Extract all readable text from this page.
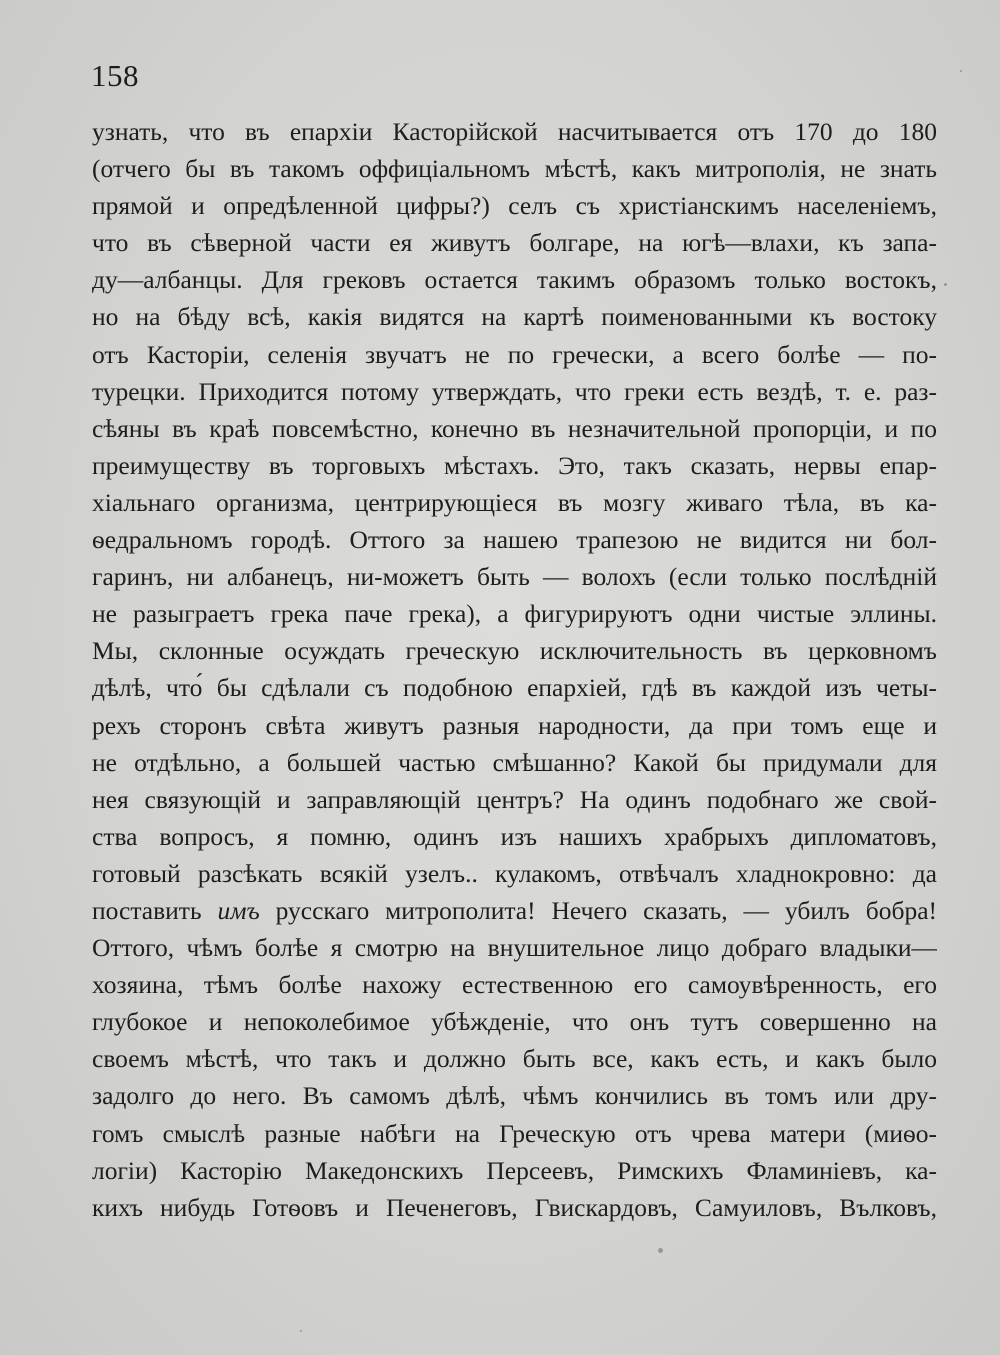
158
узнать, что въ епархіи Касторійской насчитывается отъ 170 до 180
(отчего бы въ такомъ оффиціальномъ мѣстѣ, какъ митрополія, не знать
прямой и опредѣленной цифры?) селъ съ христіанскимъ населеніемъ,
что въ сѣверной части ея живутъ болгаре, на югѣ—влахи, къ запа-
ду—албанцы. Для грековъ остается такимъ образомъ только востокъ,
но на бѣду всѣ, какія видятся на картѣ поименованными къ востоку
отъ Касторіи, селенія звучатъ не по гречески, а всего болѣе — по-
турецки. Приходится потому утверждать, что греки есть вездѣ, т. е. раз-
сѣяны въ краѣ повсемѣстно, конечно въ незначительной пропорціи, и по
преимуществу въ торговыхъ мѣстахъ. Это, такъ сказать, нервы епар-
хіальнаго организма, центрирующіеся въ мозгу живаго тѣла, въ ка-
ѳедральномъ городѣ. Оттого за нашею трапезою не видится ни бол-
гаринъ, ни албанецъ, ни-можетъ быть — волохъ (если только послѣдній
не разыграетъ грека паче грека), а фигурируютъ одни чистые эллины.
Мы, склонные осуждать греческую исключительность въ церковномъ
дѣлѣ, что́ бы сдѣлали съ подобною епархіей, гдѣ въ каждой изъ четы-
рехъ сторонъ свѣта живутъ разныя народности, да при томъ еще и
не отдѣльно, а большей частью смѣшанно? Какой бы придумали для
нея связующій и заправляющій центръ? На одинъ подобнаго же свой-
ства вопросъ, я помню, одинъ изъ нашихъ храбрыхъ дипломатовъ,
готовый разсѣкать всякій узелъ.. кулакомъ, отвѣчалъ хладнокровно: да
поставить имъ русскаго митрополита! Нечего сказать, — убилъ бобра!
Оттого, чѣмъ болѣе я смотрю на внушительное лицо добраго владыки—
хозяина, тѣмъ болѣе нахожу естественною его самоувѣренность, его
глубокое и непоколебимое убѣжденіе, что онъ тутъ совершенно на
своемъ мѣстѣ, что такъ и должно быть все, какъ есть, и какъ было
задолго до него. Въ самомъ дѣлѣ, чѣмъ кончились въ томъ или дру-
гомъ смыслѣ разные набѣги на Греческую отъ чрева матери (миѳо-
логіи) Касторію Македонскихъ Персеевъ, Римскихъ Фламиніевъ, ка-
кихъ нибудь Готѳовъ и Печенеговъ, Гвискардовъ, Самуиловъ, Вълковъ,
